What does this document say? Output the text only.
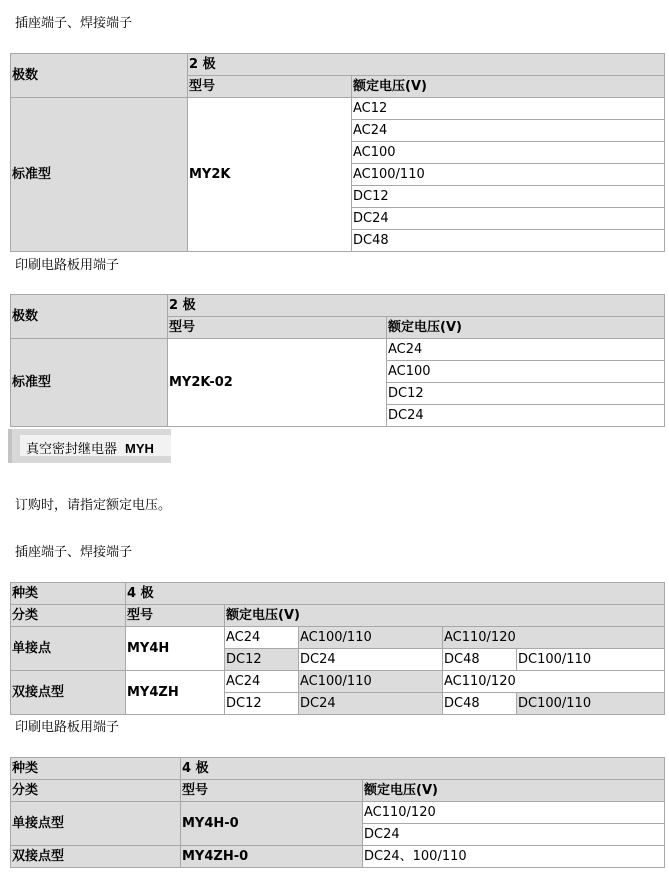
插座端子、焊接端子
极数	2 极	
	型号	额定电压(V)
标准型	MY2K	AC12
		AC24
		AC100
		AC100/110
		DC12
		DC24
		DC48
印刷电路板用端子
极数	2 极	
	型号	额定电压(V)
标准型	MY2K-02	AC24
		AC100
		DC12
		DC24
真空密封继电器 MYH
订购时，请指定额定电压。
插座端子、焊接端子
种类	4 极				
分类	型号	额定电压(V)			
单接点	MY4H	AC24	AC100/110	AC110/120	
		DC12	DC24	DC48	DC100/110
双接点型	MY4ZH	AC24	AC100/110	AC110/120	
		DC12	DC24	DC48	DC100/110
印刷电路板用端子
种类	4 极	
分类	型号	额定电压(V)
单接点型	MY4H-0	AC110/120
		DC24
双接点型	MY4ZH-0	DC24、100/110
